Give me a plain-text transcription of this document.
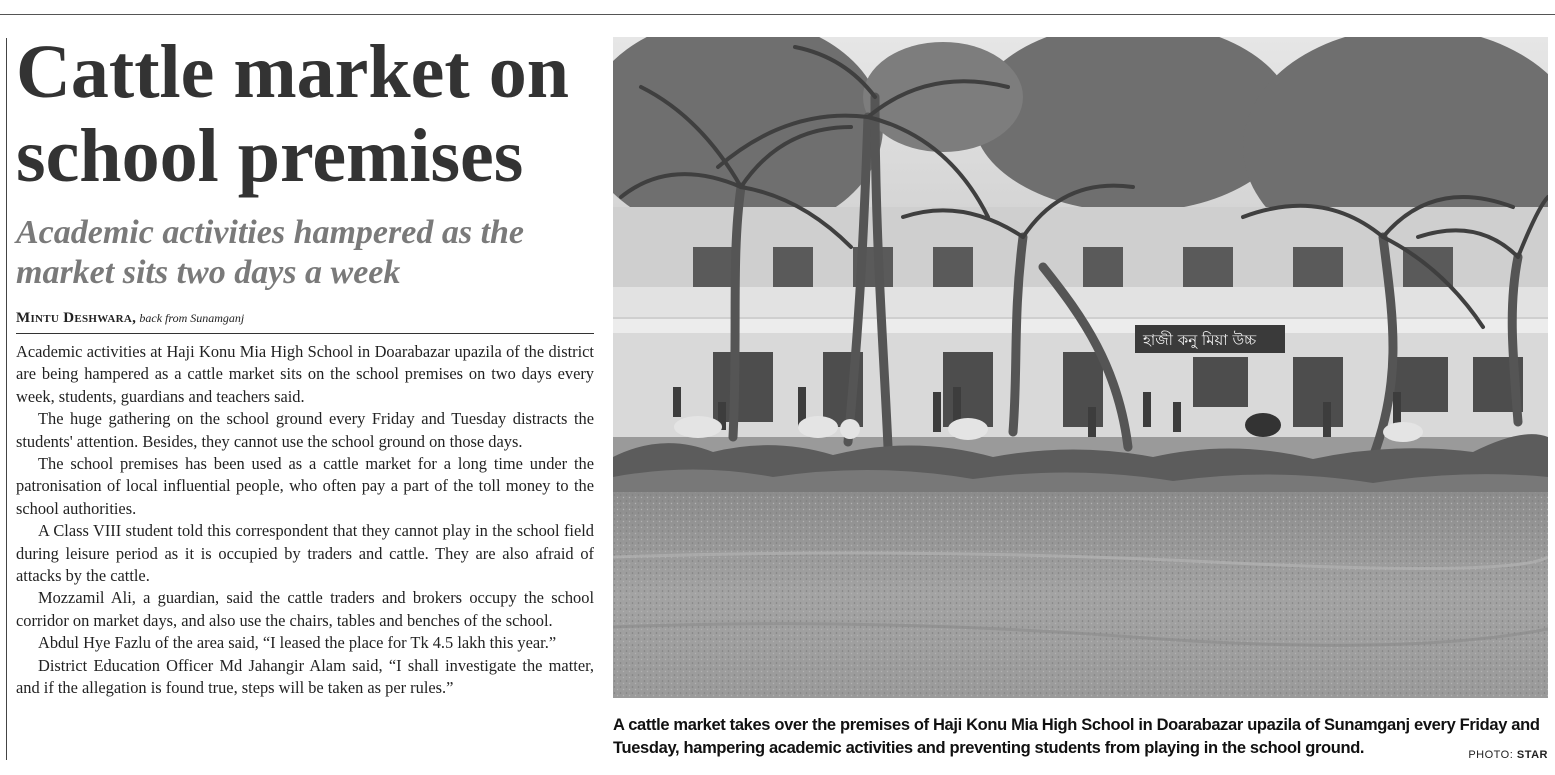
Cattle market on school premises
Academic activities hampered as the market sits two days a week
Mintu Deshwara, back from Sunamganj

Academic activities at Haji Konu Mia High School in Doarabazar upazila of the district are being hampered as a cattle market sits on the school premises on two days every week, students, guardians and teachers said.

The huge gathering on the school ground every Friday and Tuesday distracts the students' attention. Besides, they cannot use the school ground on those days.

The school premises has been used as a cattle market for a long time under the patronisation of local influential people, who often pay a part of the toll money to the school authorities.

A Class VIII student told this correspondent that they cannot play in the school field during leisure period as it is occupied by traders and cattle. They are also afraid of attacks by the cattle.

Mozzamil Ali, a guardian, said the cattle traders and brokers occupy the school corridor on market days, and also use the chairs, tables and benches of the school.

Abdul Hye Fazlu of the area said, “I leased the place for Tk 4.5 lakh this year.”

District Education Officer Md Jahangir Alam said, “I shall investigate the matter, and if the allegation is found true, steps will be taken as per rules.”

হাজী কনু মিয়া উচ্চ
A cattle market takes over the premises of Haji Konu Mia High School in Doarabazar upazila of Sunamganj every Friday and Tuesday, hampering academic activities and preventing students from playing in the school ground.	PHOTO: STAR
